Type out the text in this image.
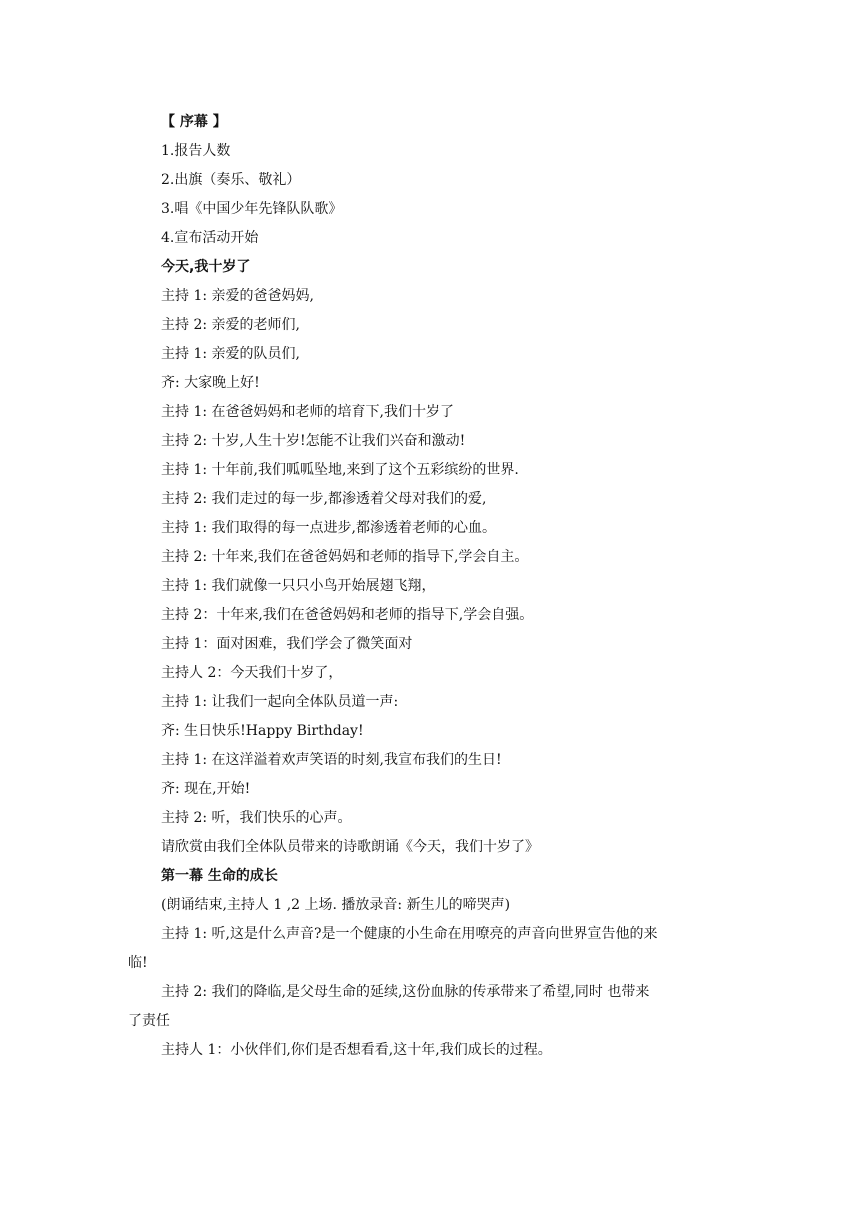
【 序幕 】
1.报告人数
2.出旗（奏乐、敬礼）
3.唱《中国少年先锋队队歌》
4.宣布活动开始
今天,我十岁了
主持 1: 亲爱的爸爸妈妈,
主持 2: 亲爱的老师们,
主持 1: 亲爱的队员们,
齐: 大家晚上好!
主持 1: 在爸爸妈妈和老师的培育下,我们十岁了
主持 2: 十岁,人生十岁!怎能不让我们兴奋和激动!
主持 1: 十年前,我们呱呱坠地,来到了这个五彩缤纷的世界.
主持 2: 我们走过的每一步,都渗透着父母对我们的爱,
主持 1: 我们取得的每一点进步,都渗透着老师的心血。
主持 2: 十年来,我们在爸爸妈妈和老师的指导下,学会自主。
主持 1: 我们就像一只只小鸟开始展翅飞翔，
主持 2：十年来,我们在爸爸妈妈和老师的指导下,学会自强。
主持 1：面对困难，我们学会了微笑面对
主持人 2：今天我们十岁了，
主持 1: 让我们一起向全体队员道一声:
齐: 生日快乐!Happy Birthday!
主持 1: 在这洋溢着欢声笑语的时刻,我宣布我们的生日!
齐: 现在,开始!
主持 2: 听，我们快乐的心声。
请欣赏由我们全体队员带来的诗歌朗诵《今天，我们十岁了》
第一幕 生命的成长
(朗诵结束,主持人 1 ,2 上场. 播放录音: 新生儿的啼哭声)
主持 1: 听,这是什么声音?是一个健康的小生命在用嘹亮的声音向世界宣告他的来
临!
主持 2: 我们的降临,是父母生命的延续,这份血脉的传承带来了希望,同时 也带来
了责任
主持人 1：小伙伴们,你们是否想看看,这十年,我们成长的过程。
